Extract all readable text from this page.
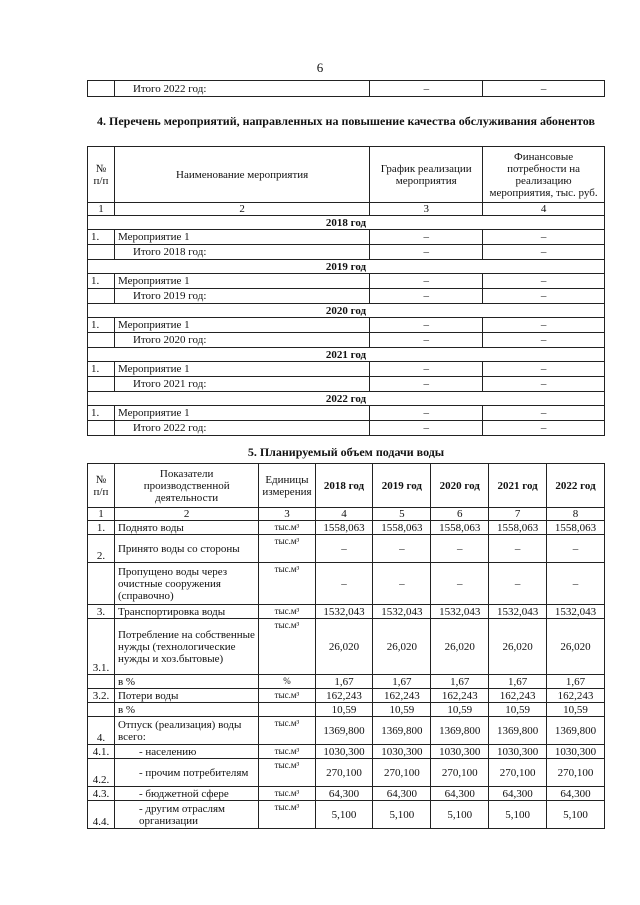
6
	Итого 2022 год:	–	–
4. Перечень мероприятий, направленных на повышение качества обслуживания абонентов
№ п/п	Наименование мероприятия	График реализации мероприятия	Финансовые потребности на реализацию мероприятия, тыс. руб.
1	2	3	4
2018 год			
1.	Мероприятие 1	–	–
	Итого 2018 год:	–	–
2019 год			
1.	Мероприятие 1	–	–
	Итого 2019 год:	–	–
2020 год			
1.	Мероприятие 1	–	–
	Итого 2020 год:	–	–
2021 год			
1.	Мероприятие 1	–	–
	Итого 2021 год:	–	–
2022 год			
1.	Мероприятие 1	–	–
	Итого 2022 год:	–	–
5. Планируемый объем подачи воды
№ п/п	Показатели производственной деятельности	Единицы измерения	2018 год	2019 год	2020 год	2021 год	2022 год
1	2	3	4	5	6	7	8
1.	Поднято воды	тыс.м³	1558,063	1558,063	1558,063	1558,063	1558,063
2.	Принято воды со стороны	тыс.м³	–	–	–	–	–
	Пропущено воды через очистные сооружения (справочно)	тыс.м³	–	–	–	–	–
3.	Транспортировка воды	тыс.м³	1532,043	1532,043	1532,043	1532,043	1532,043
3.1.	Потребление на собственные нужды (технологические нужды и хоз.бытовые)	тыс.м³	26,020	26,020	26,020	26,020	26,020
	в %	%	1,67	1,67	1,67	1,67	1,67
3.2.	Потери воды	тыс.м³	162,243	162,243	162,243	162,243	162,243
	в %		10,59	10,59	10,59	10,59	10,59
4.	Отпуск (реализация) воды всего:	тыс.м³	1369,800	1369,800	1369,800	1369,800	1369,800
4.1.	- населению	тыс.м³	1030,300	1030,300	1030,300	1030,300	1030,300
4.2.	- прочим потребителям	тыс.м³	270,100	270,100	270,100	270,100	270,100
4.3.	- бюджетной сфере	тыс.м³	64,300	64,300	64,300	64,300	64,300
4.4.	- другим отраслям организации	тыс.м³	5,100	5,100	5,100	5,100	5,100
